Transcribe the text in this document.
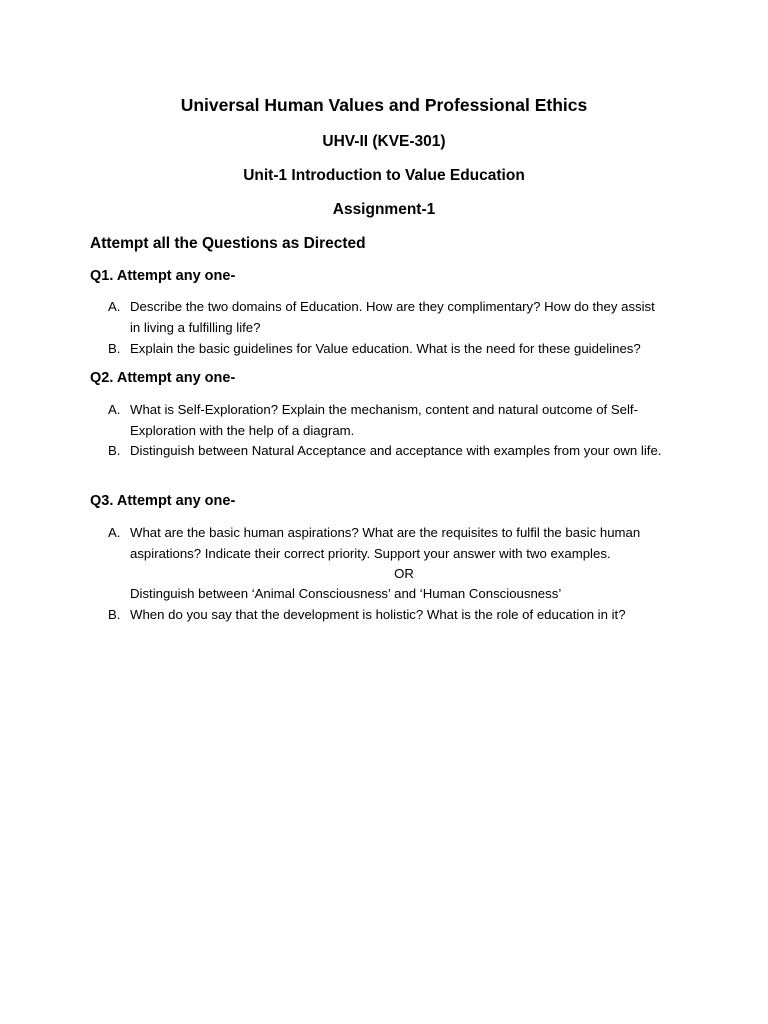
Universal Human Values and Professional Ethics
UHV-II (KVE-301)
Unit-1 Introduction to Value Education
Assignment-1
Attempt all the Questions as Directed
Q1. Attempt any one-
A. Describe the two domains of Education. How are they complimentary? How do they assist in living a fulfilling life?
B. Explain the basic guidelines for Value education. What is the need for these guidelines?
Q2. Attempt any one-
A. What is Self-Exploration? Explain the mechanism, content and natural outcome of Self-Exploration with the help of a diagram.
B. Distinguish between Natural Acceptance and acceptance with examples from your own life.
Q3. Attempt any one-
A. What are the basic human aspirations? What are the requisites to fulfil the basic human aspirations? Indicate their correct priority. Support your answer with two examples.
OR
Distinguish between ‘Animal Consciousness’ and ‘Human Consciousness’
B. When do you say that the development is holistic? What is the role of education in it?
